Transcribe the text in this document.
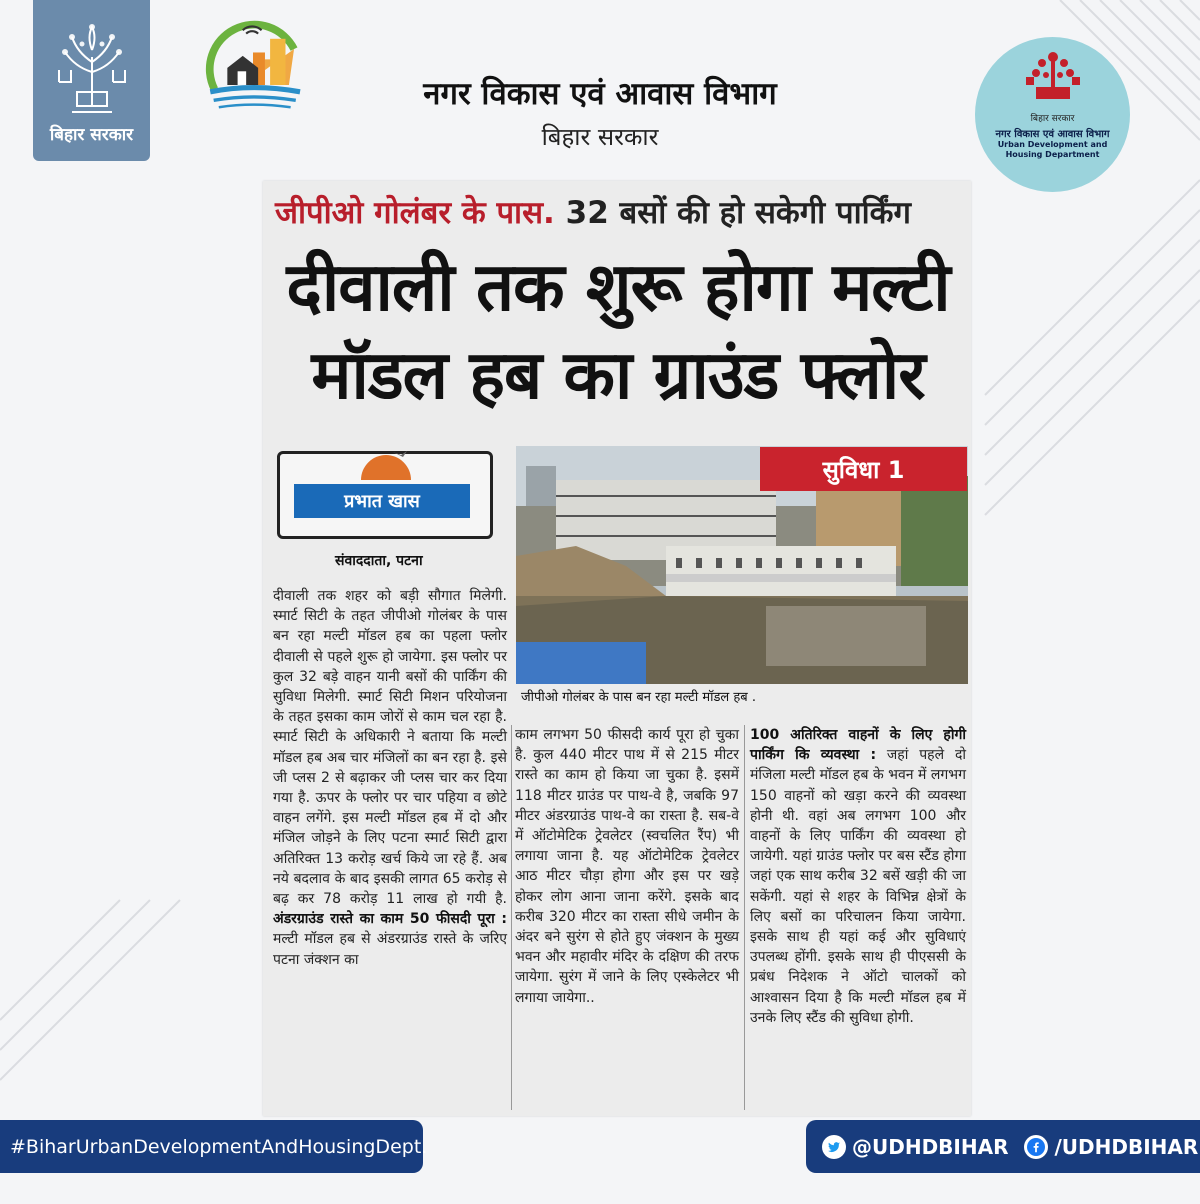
बिहार सरकार
नगर विकास एवं आवास विभाग
बिहार सरकार
बिहार सरकार
नगर विकास एवं आवास विभाग
Urban Development and Housing Department
जीपीओ गोलंबर के पास. 32 बसों की हो सकेगी पार्किंग
दीवाली तक शुरू होगा मल्टी
मॉडल हब का ग्राउंड फ्लोर
प्रभात खास
संवाददाता, पटना
सुविधा 1
जीपीओ गोलंबर के पास बन रहा मल्टी मॉडल हब .
दीवाली तक शहर को बड़ी सौगात मिलेगी. स्मार्ट सिटी के तहत जीपीओ गोलंबर के पास बन रहा मल्टी मॉडल हब का पहला फ्लोर दीवाली से पहले शुरू हो जायेगा. इस फ्लोर पर कुल 32 बड़े वाहन यानी बसों की पार्किंग की सुविधा मिलेगी. स्मार्ट सिटी मिशन परियोजना के तहत इसका काम जोरों से काम चल रहा है. स्मार्ट सिटी के अधिकारी ने बताया कि मल्टी मॉडल हब अब चार मंजिलों का बन रहा है. इसे जी प्लस 2 से बढ़ाकर जी प्लस चार कर दिया गया है. ऊपर के फ्लोर पर चार पहिया व छोटे वाहन लगेंगे. इस मल्टी मॉडल हब में दो और मंजिल जोड़ने के लिए पटना स्मार्ट सिटी द्वारा अतिरिक्त 13 करोड़ खर्च किये जा रहे हैं. अब नये बदलाव के बाद इसकी लागत 65 करोड़ से बढ़ कर 78 करोड़ 11 लाख हो गयी है. अंडरग्राउंड रास्ते का काम 50 फीसदी पूरा : मल्टी मॉडल हब से अंडरग्राउंड रास्ते के जरिए पटना जंक्शन का
काम लगभग 50 फीसदी कार्य पूरा हो चुका है. कुल 440 मीटर पाथ में से 215 मीटर रास्ते का काम हो किया जा चुका है. इसमें 118 मीटर ग्राउंड पर पाथ-वे है, जबकि 97 मीटर अंडरग्राउंड पाथ-वे का रास्ता है. सब-वे में ऑटोमेटिक ट्रेवलेटर (स्वचलित रैंप) भी लगाया जाना है. यह ऑटोमेटिक ट्रेवलेटर आठ मीटर चौड़ा होगा और इस पर खड़े होकर लोग आना जाना करेंगे. इसके बाद करीब 320 मीटर का रास्ता सीधे जमीन के अंदर बने सुरंग से होते हुए जंक्शन के मुख्य भवन और महावीर मंदिर के दक्षिण की तरफ जायेगा. सुरंग में जाने के लिए एस्केलेटर भी लगाया जायेगा..
100 अतिरिक्त वाहनों के लिए होगी पार्किंग कि व्यवस्था : जहां पहले दो मंजिला मल्टी मॉडल हब के भवन में लगभग 150 वाहनों को खड़ा करने की व्यवस्था होनी थी. वहां अब लगभग 100 और वाहनों के लिए पार्किंग की व्यवस्था हो जायेगी. यहां ग्राउंड फ्लोर पर बस स्टैंड होगा जहां एक साथ करीब 32 बसें खड़ी की जा सकेंगी. यहां से शहर के विभिन्न क्षेत्रों के लिए बसों का परिचालन किया जायेगा. इसके साथ ही यहां कई और सुविधाएं उपलब्ध होंगी. इसके साथ ही पीएससी के प्रबंध निदेशक ने ऑटो चालकों को आश्वासन दिया है कि मल्टी मॉडल हब में उनके लिए स्टैंड की सुविधा होगी.
#BiharUrbanDevelopmentAndHousingDept.	@UDHDBIHAR /UDHDBIHAR
